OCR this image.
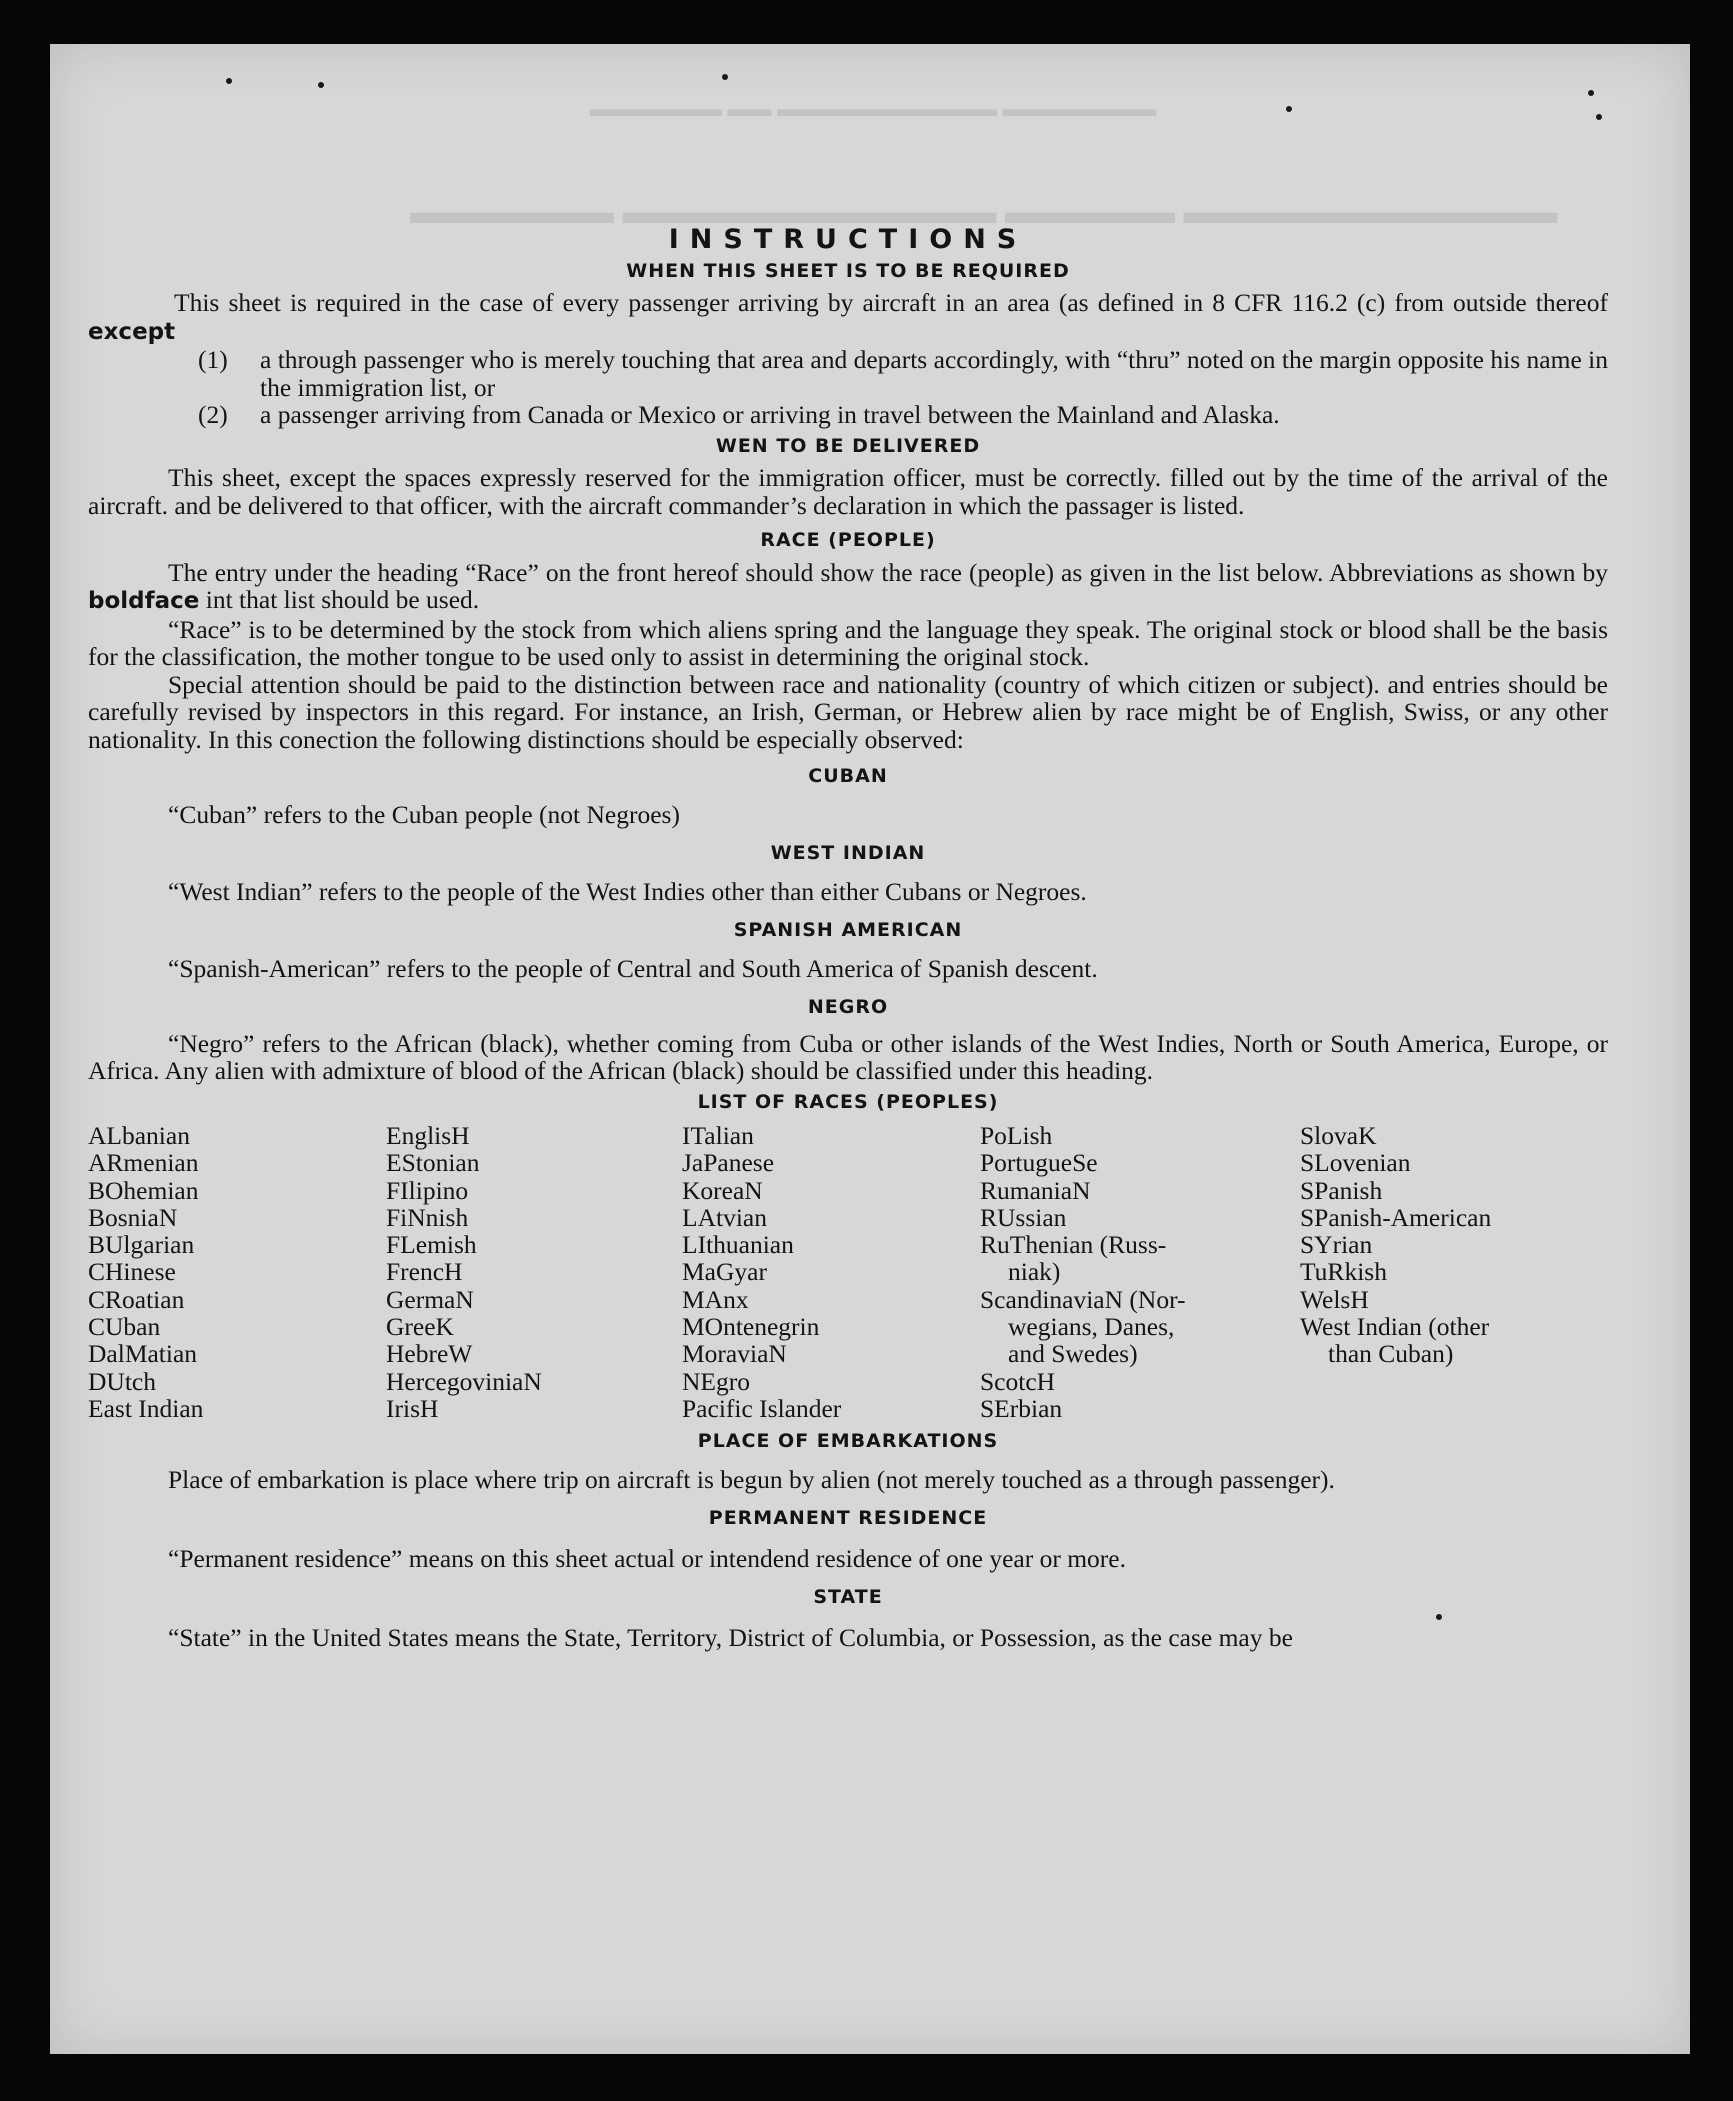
▬▬▬▬▬▬▬ ▬▬▬▬▬▬▬▬▬▬ ▬▬ ▬▬▬▬▬▬
▬▬▬▬▬▬▬▬▬▬▬ ▬▬▬▬▬ ▬▬▬▬▬▬▬▬▬▬▬ ▬▬▬▬▬▬
INSTRUCTIONS
WHEN THIS SHEET IS TO BE REQUIRED

This sheet is required in the case of every passenger arriving by aircraft in an area (as defined in 8 CFR 116.2 (c) from outside thereof except

(1)	a through passenger who is merely touching that area and departs accordingly, with “thru” noted on the margin opposite his name in the immigration list, or
(2)	a passenger arriving from Canada or Mexico or arriving in travel between the Mainland and Alaska.
WEN TO BE DELIVERED

This sheet, except the spaces expressly reserved for the immigration officer, must be correctly. filled out by the time of the arrival of the aircraft. and be delivered to that officer, with the aircraft commander’s declaration in which the passager is listed.

RACE (PEOPLE)

The entry under the heading “Race” on the front hereof should show the race (people) as given in the list below. Abbreviations as shown by boldface int that list should be used.

“Race” is to be determined by the stock from which aliens spring and the language they speak. The original stock or blood shall be the basis for the classification, the mother tongue to be used only to assist in determining the original stock.

Special attention should be paid to the distinction between race and nationality (country of which citizen or subject). and entries should be carefully revised by inspectors in this regard. For instance, an Irish, German, or Hebrew alien by race might be of English, Swiss, or any other nationality. In this conection the following distinctions should be especially observed:

CUBAN

“Cuban” refers to the Cuban people (not Negroes)

WEST INDIAN

“West Indian” refers to the people of the West Indies other than either Cubans or Negroes.

SPANISH AMERICAN

“Spanish-American” refers to the people of Central and South America of Spanish descent.

NEGRO

“Negro” refers to the African (black), whether coming from Cuba or other islands of the West Indies, North or South America, Europe, or Africa. Any alien with admixture of blood of the African (black) should be classified under this heading.

LIST OF RACES (PEOPLES)
ALbanian
ARmenian
BOhemian
BosniaN
BUlgarian
CHinese
CRoatian
CUban
DalMatian
DUtch
East Indian
EnglisH
EStonian
FIlipino
FiNnish
FLemish
FrencH
GermaN
GreeK
HebreW
HercegoviniaN
IrisH
ITalian
JaPanese
KoreaN
LAtvian
LIthuanian
MaGyar
MAnx
MOntenegrin
MoraviaN
NEgro
Pacific Islander
PoLish
PortugueSe
RumaniaN
RUssian
RuThenian (Russ-
niak)
ScandinaviaN (Nor-
wegians, Danes,
and Swedes)
ScotcH
SErbian
SlovaK
SLovenian
SPanish
SPanish-American
SYrian
TuRkish
WelsH
West Indian (other
than Cuban)
PLACE OF EMBARKATIONS

Place of embarkation is place where trip on aircraft is begun by alien (not merely touched as a through passenger).

PERMANENT RESIDENCE

“Permanent residence” means on this sheet actual or intendend residence of one year or more.

STATE

“State” in the United States means the State, Territory, District of Columbia, or Possession, as the case may be
